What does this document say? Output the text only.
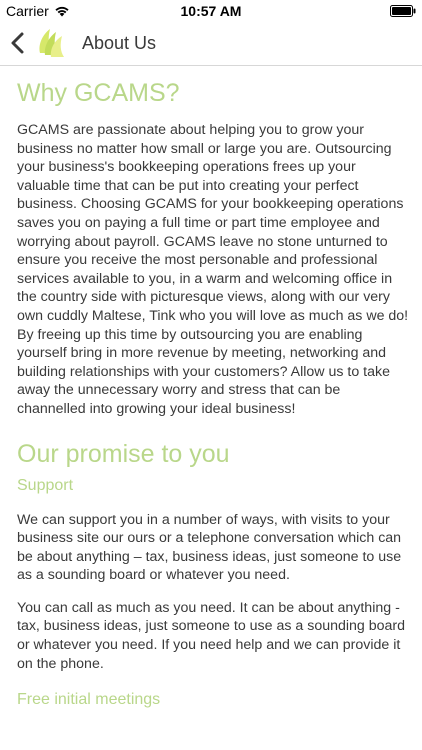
Carrier	10:57 AM
About Us
Why GCAMS?

GCAMS are passionate about helping you to grow your business no matter how small or large you are. Outsourcing your business's bookkeeping operations frees up your valuable time that can be put into creating your perfect business. Choosing GCAMS for your bookkeeping operations saves you on paying a full time or part time employee and worrying about payroll. GCAMS leave no stone unturned to ensure you receive the most personable and professional services available to you, in a warm and welcoming office in the country side with picturesque views, along with our very own cuddly Maltese, Tink who you will love as much as we do! By freeing up this time by outsourcing you are enabling yourself bring in more revenue by meeting, networking and building relationships with your customers? Allow us to take away the unnecessary worry and stress that can be channelled into growing your ideal business!

Our promise to you
Support

We can support you in a number of ways, with visits to your business site our ours or a telephone conversation which can be about anything – tax, business ideas, just someone to use as a sounding board or whatever you need.

You can call as much as you need. It can be about anything - tax, business ideas, just someone to use as a sounding board or whatever you need. If you need help and we can provide it on the phone.

Free initial meetings
